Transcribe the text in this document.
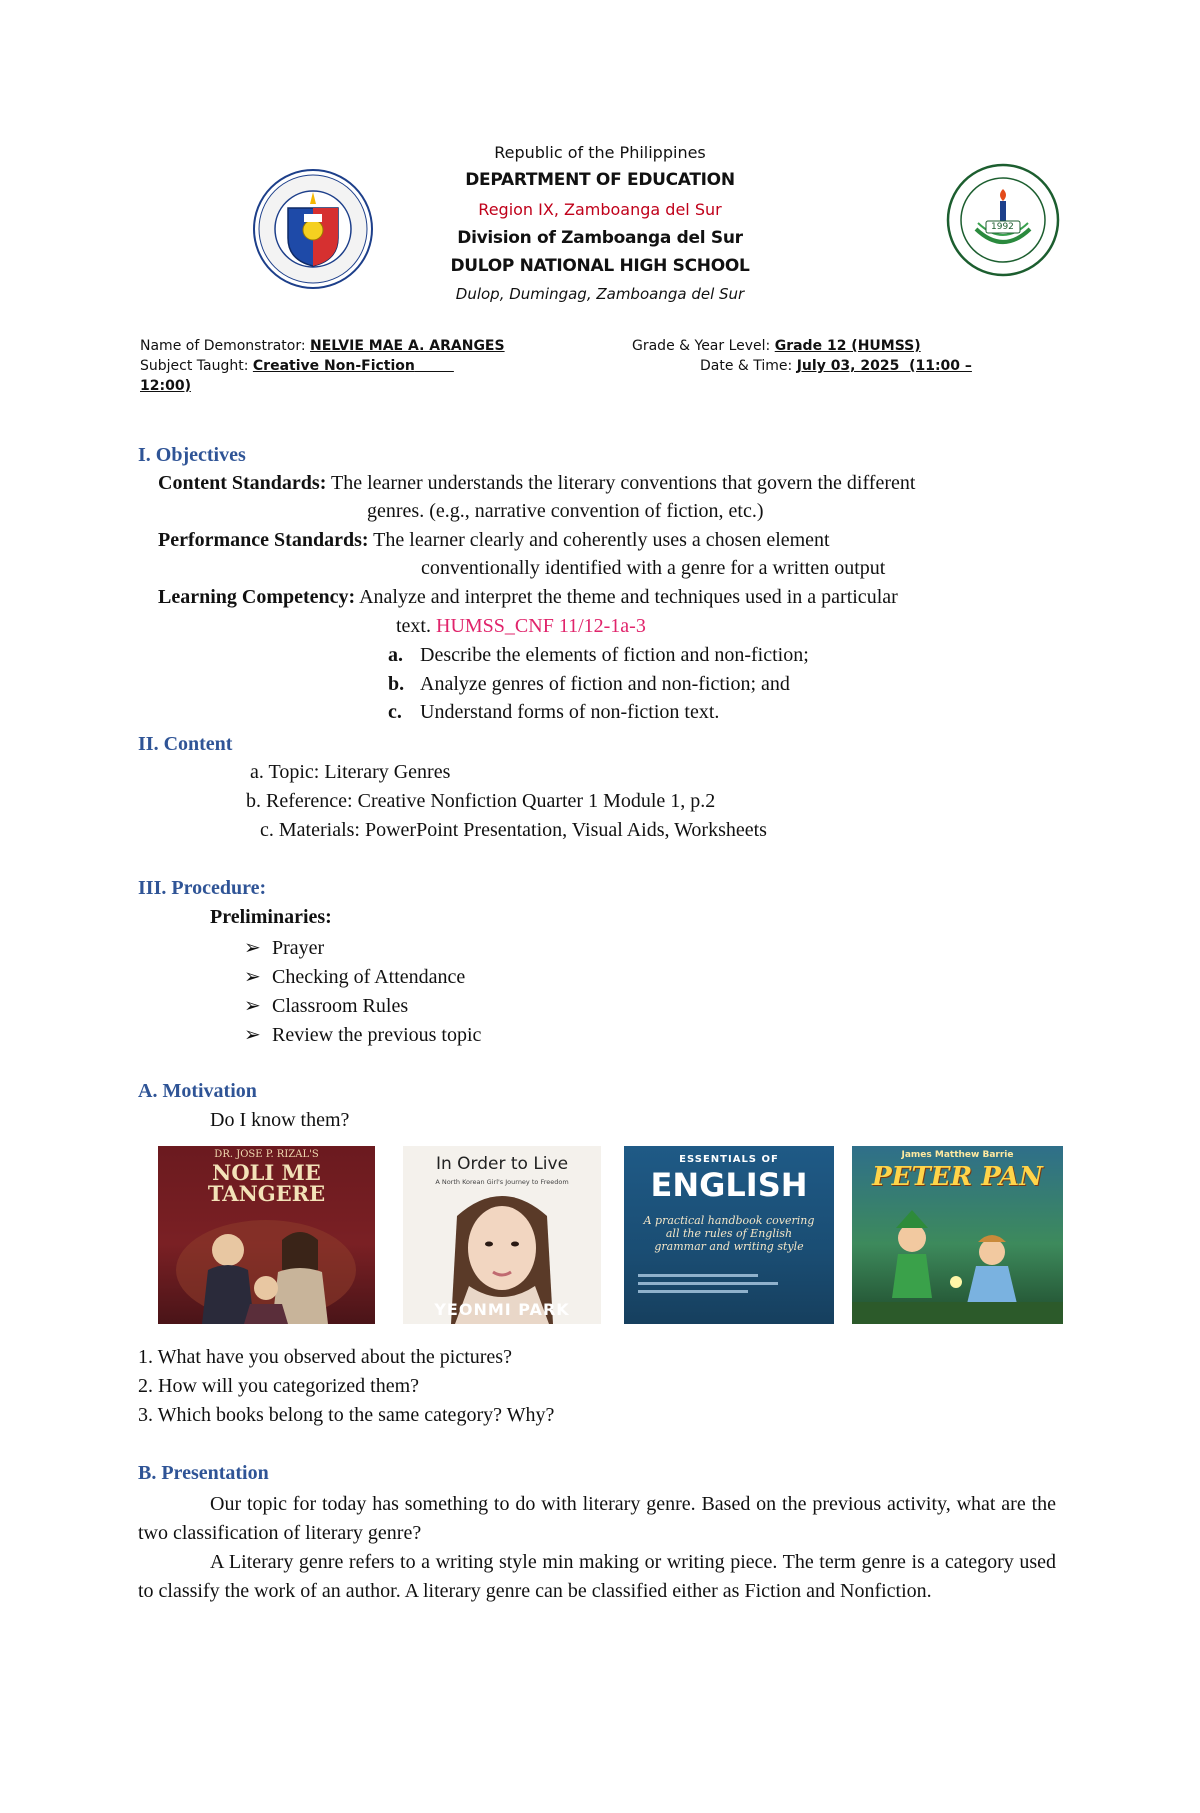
1992
Republic of the Philippines
DEPARTMENT OF EDUCATION
Region IX, Zamboanga del Sur
Division of Zamboanga del Sur
DULOP NATIONAL HIGH SCHOOL
Dulop, Dumingag, Zamboanga del Sur
Name of Demonstrator: NELVIE MAE A. ARANGES	Grade & Year Level: Grade 12 (HUMSS)
Subject Taught: Creative Non-Fiction	Date & Time: July 03, 2025  (11:00 –
12:00)
I. Objectives
Content Standards: The learner understands the literary conventions that govern the different
genres. (e.g., narrative convention of fiction, etc.)
Performance Standards: The learner clearly and coherently uses a chosen element
conventionally identified with a genre for a written output
Learning Competency: Analyze and interpret the theme and techniques used in a particular
text. HUMSS_CNF 11/12-1a-3
a. Describe the elements of fiction and non-fiction;
b. Analyze genres of fiction and non-fiction; and
c. Understand forms of non-fiction text.
II. Content
a. Topic: Literary Genres
b. Reference: Creative Nonfiction Quarter 1 Module 1, p.2
c. Materials: PowerPoint Presentation, Visual Aids, Worksheets
III. Procedure:
Preliminaries:
➢ Prayer
➢ Checking of Attendance
➢ Classroom Rules
➢ Review the previous topic
A. Motivation
Do I know them?
DR. JOSE P. RIZAL'S
NOLI ME TANGERE
In Order to Live
A North Korean Girl's Journey to Freedom
YEONMI PARK
ESSENTIALS OF
ENGLISH
A practical handbook covering all the rules of English grammar and writing style
James Matthew Barrie
PETER PAN
1. What have you observed about the pictures?
2. How will you categorized them?
3. Which books belong to the same category? Why?
B. Presentation
Our topic for today has something to do with literary genre. Based on the previous activity, what are the two classification of literary genre?
A Literary genre refers to a writing style min making or writing piece. The term genre is a category used to classify the work of an author. A literary genre can be classified either as Fiction and Nonfiction.
